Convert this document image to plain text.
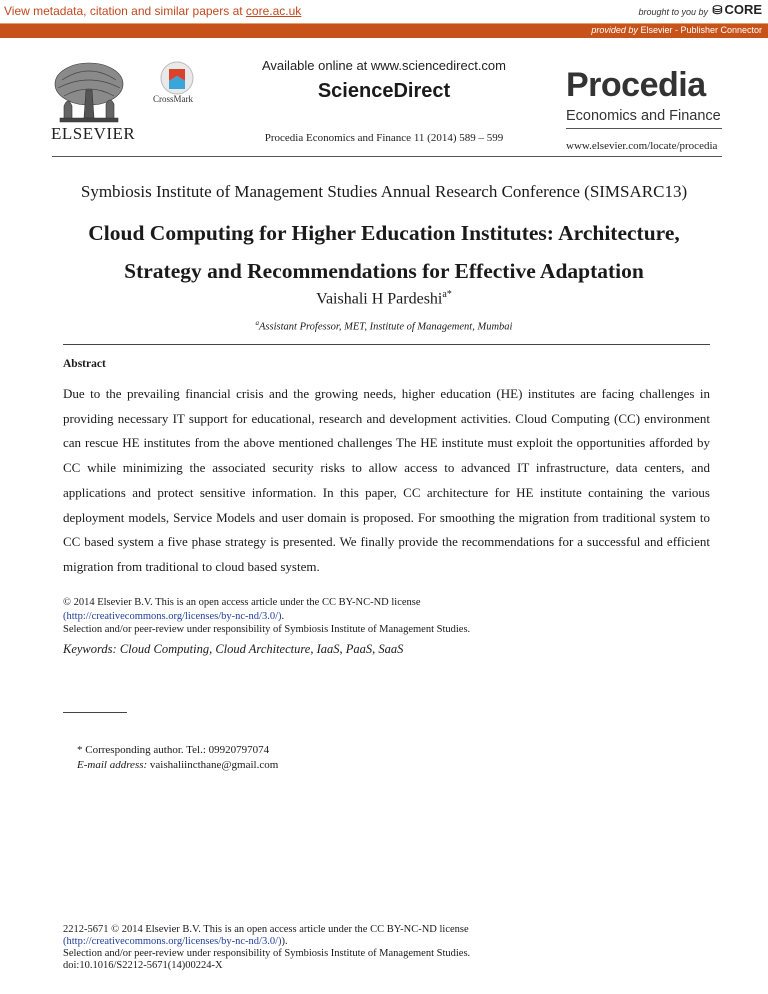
View metadata, citation and similar papers at core.ac.uk	brought to you by ⛁ CORE
provided by Elsevier - Publisher Connector
ELSEVIER
CrossMark
Available online at www.sciencedirect.com
ScienceDirect
Procedia Economics and Finance 11 (2014) 589 – 599
Procedia
Economics and Finance
www.elsevier.com/locate/procedia
Symbiosis Institute of Management Studies Annual Research Conference (SIMSARC13)
Cloud Computing for Higher Education Institutes: Architecture,
Strategy and Recommendations for Effective Adaptation
Vaishali H Pardeshi$^{a*}$
$^a$Assistant Professor, MET, Institute of Management, Mumbai
Abstract
Due to the prevailing financial crisis and the growing needs, higher education (HE) institutes are facing challenges in providing necessary IT support for educational, research and development activities. Cloud Computing (CC) environment can rescue HE institutes from the above mentioned challenges The HE institute must exploit the opportunities afforded by CC while minimizing the associated security risks to allow access to advanced IT infrastructure, data centers, and applications and protect sensitive information. In this paper, CC architecture for HE institute containing the various deployment models, Service Models and user domain is proposed. For smoothing the migration from traditional system to CC based system a five phase strategy is presented. We finally provide the recommendations for a successful and efficient migration from traditional to cloud based system.
© 2014 Elsevier B.V. This is an open access article under the CC BY-NC-ND license
(http://creativecommons.org/licenses/by-nc-nd/3.0/).
Selection and/or peer-review under responsibility of Symbiosis Institute of Management Studies.
Keywords: Cloud Computing, Cloud Architecture, IaaS, PaaS, SaaS
* Corresponding author. Tel.: 09920797074
E-mail address: vaishaliincthane@gmail.com
2212-5671 © 2014 Elsevier B.V. This is an open access article under the CC BY-NC-ND license
(http://creativecommons.org/licenses/by-nc-nd/3.0/)).
Selection and/or peer-review under responsibility of Symbiosis Institute of Management Studies.
doi:10.1016/S2212-5671(14)00224-X
